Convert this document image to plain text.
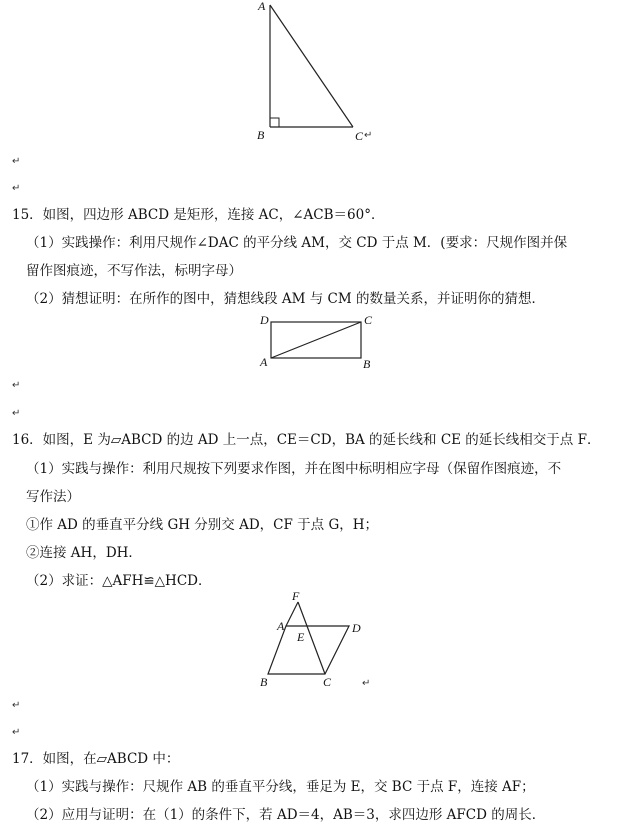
A
B	C ↵
↵
↵
15．如图，四边形 ABCD 是矩形，连接 AC，∠ACB＝60°．
（1）实践操作：利用尺规作∠DAC 的平分线 AM，交 CD 于点 M．(要求：尺规作图并保
留作图痕迹，不写作法，标明字母）
（2）猜想证明：在所作的图中，猜想线段 AM 与 CM 的数量关系，并证明你的猜想．
D	C
A	B
↵
↵
16．如图，E 为▱ABCD 的边 AD 上一点，CE＝CD，BA 的延长线和 CE 的延长线相交于点 F．
（1）实践与操作：利用尺规按下列要求作图，并在图中标明相应字母（保留作图痕迹，不
写作法）
①作 AD 的垂直平分线 GH 分别交 AD，CF 于点 G，H；
②连接 AH，DH．
（2）求证：△AFH≌△HCD．
F
A
E
D
B	C	↵
↵
↵
17．如图，在▱ABCD 中：
（1）实践与操作：尺规作 AB 的垂直平分线，垂足为 E，交 BC 于点 F，连接 AF；
（2）应用与证明：在（1）的条件下，若 AD＝4，AB＝3，求四边形 AFCD 的周长．
